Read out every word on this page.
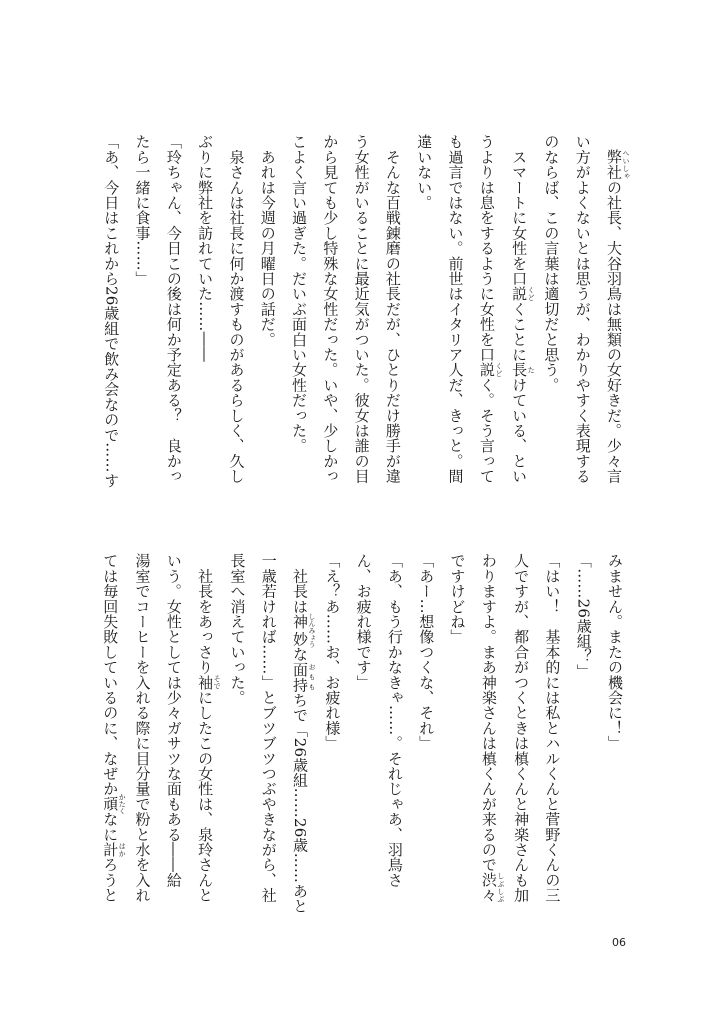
　弊社 へいしゃの社長、大谷羽鳥は無類の女好きだ。少々言
い方がよくないとは思うが、わかりやすく表現する
のならば、この言葉は適切だと思う。
　スマートに女性を口説 くどくことに長 たけている、とい
うよりは息をするように女性を口説 くどく。そう言って
も過言ではない。前世はイタリア人だ、きっと。間
違いない。
　そんな百戦錬磨の社長だが、ひとりだけ勝手が違
う女性がいることに最近気がついた。彼女は誰の目
から見ても少し特殊な女性だった。いや、少しかっ
こよく言い過ぎた。だいぶ面白い女性だった。
　あれは今週の月曜日の話だ。
　泉さんは社長に何か渡すものがあるらしく、久し
ぶりに弊社を訪れていた……――
「玲ちゃん、今日この後は何か予定ある？　良かっ
たら一緒に食事……」
「あ、今日はこれから26歳組で飲み会なので……す
みません。またの機会に！」
「……26歳組？」
「はい！　基本的には私とハルくんと菅野くんの三
人ですが、都合がつくときは槙くんと神楽さんも加
わりますよ。まあ神楽さんは槙くんが来るので渋々 しぶしぶ
ですけどね」
「あー…想像つくな、それ」
「あ、もう行かなきゃ……。それじゃあ、羽鳥さ
ん、お疲れ様です」
「え？あ……お、お疲れ様」
　社長は神妙 しんみょうな面持 おももちで「26歳組……26歳……あと
一歳若ければ……」とブツブツつぶやきながら、社
長室へ消えていった。
　社長をあっさり袖 そでにしたこの女性は、泉玲さんと
いう。女性としては少々ガサツな面もある――給
湯室でコーヒーを入れる際に目分量で粉と水を入れ
ては毎回失敗しているのに、なぜか頑 かたくなに計 はかろうと
06
